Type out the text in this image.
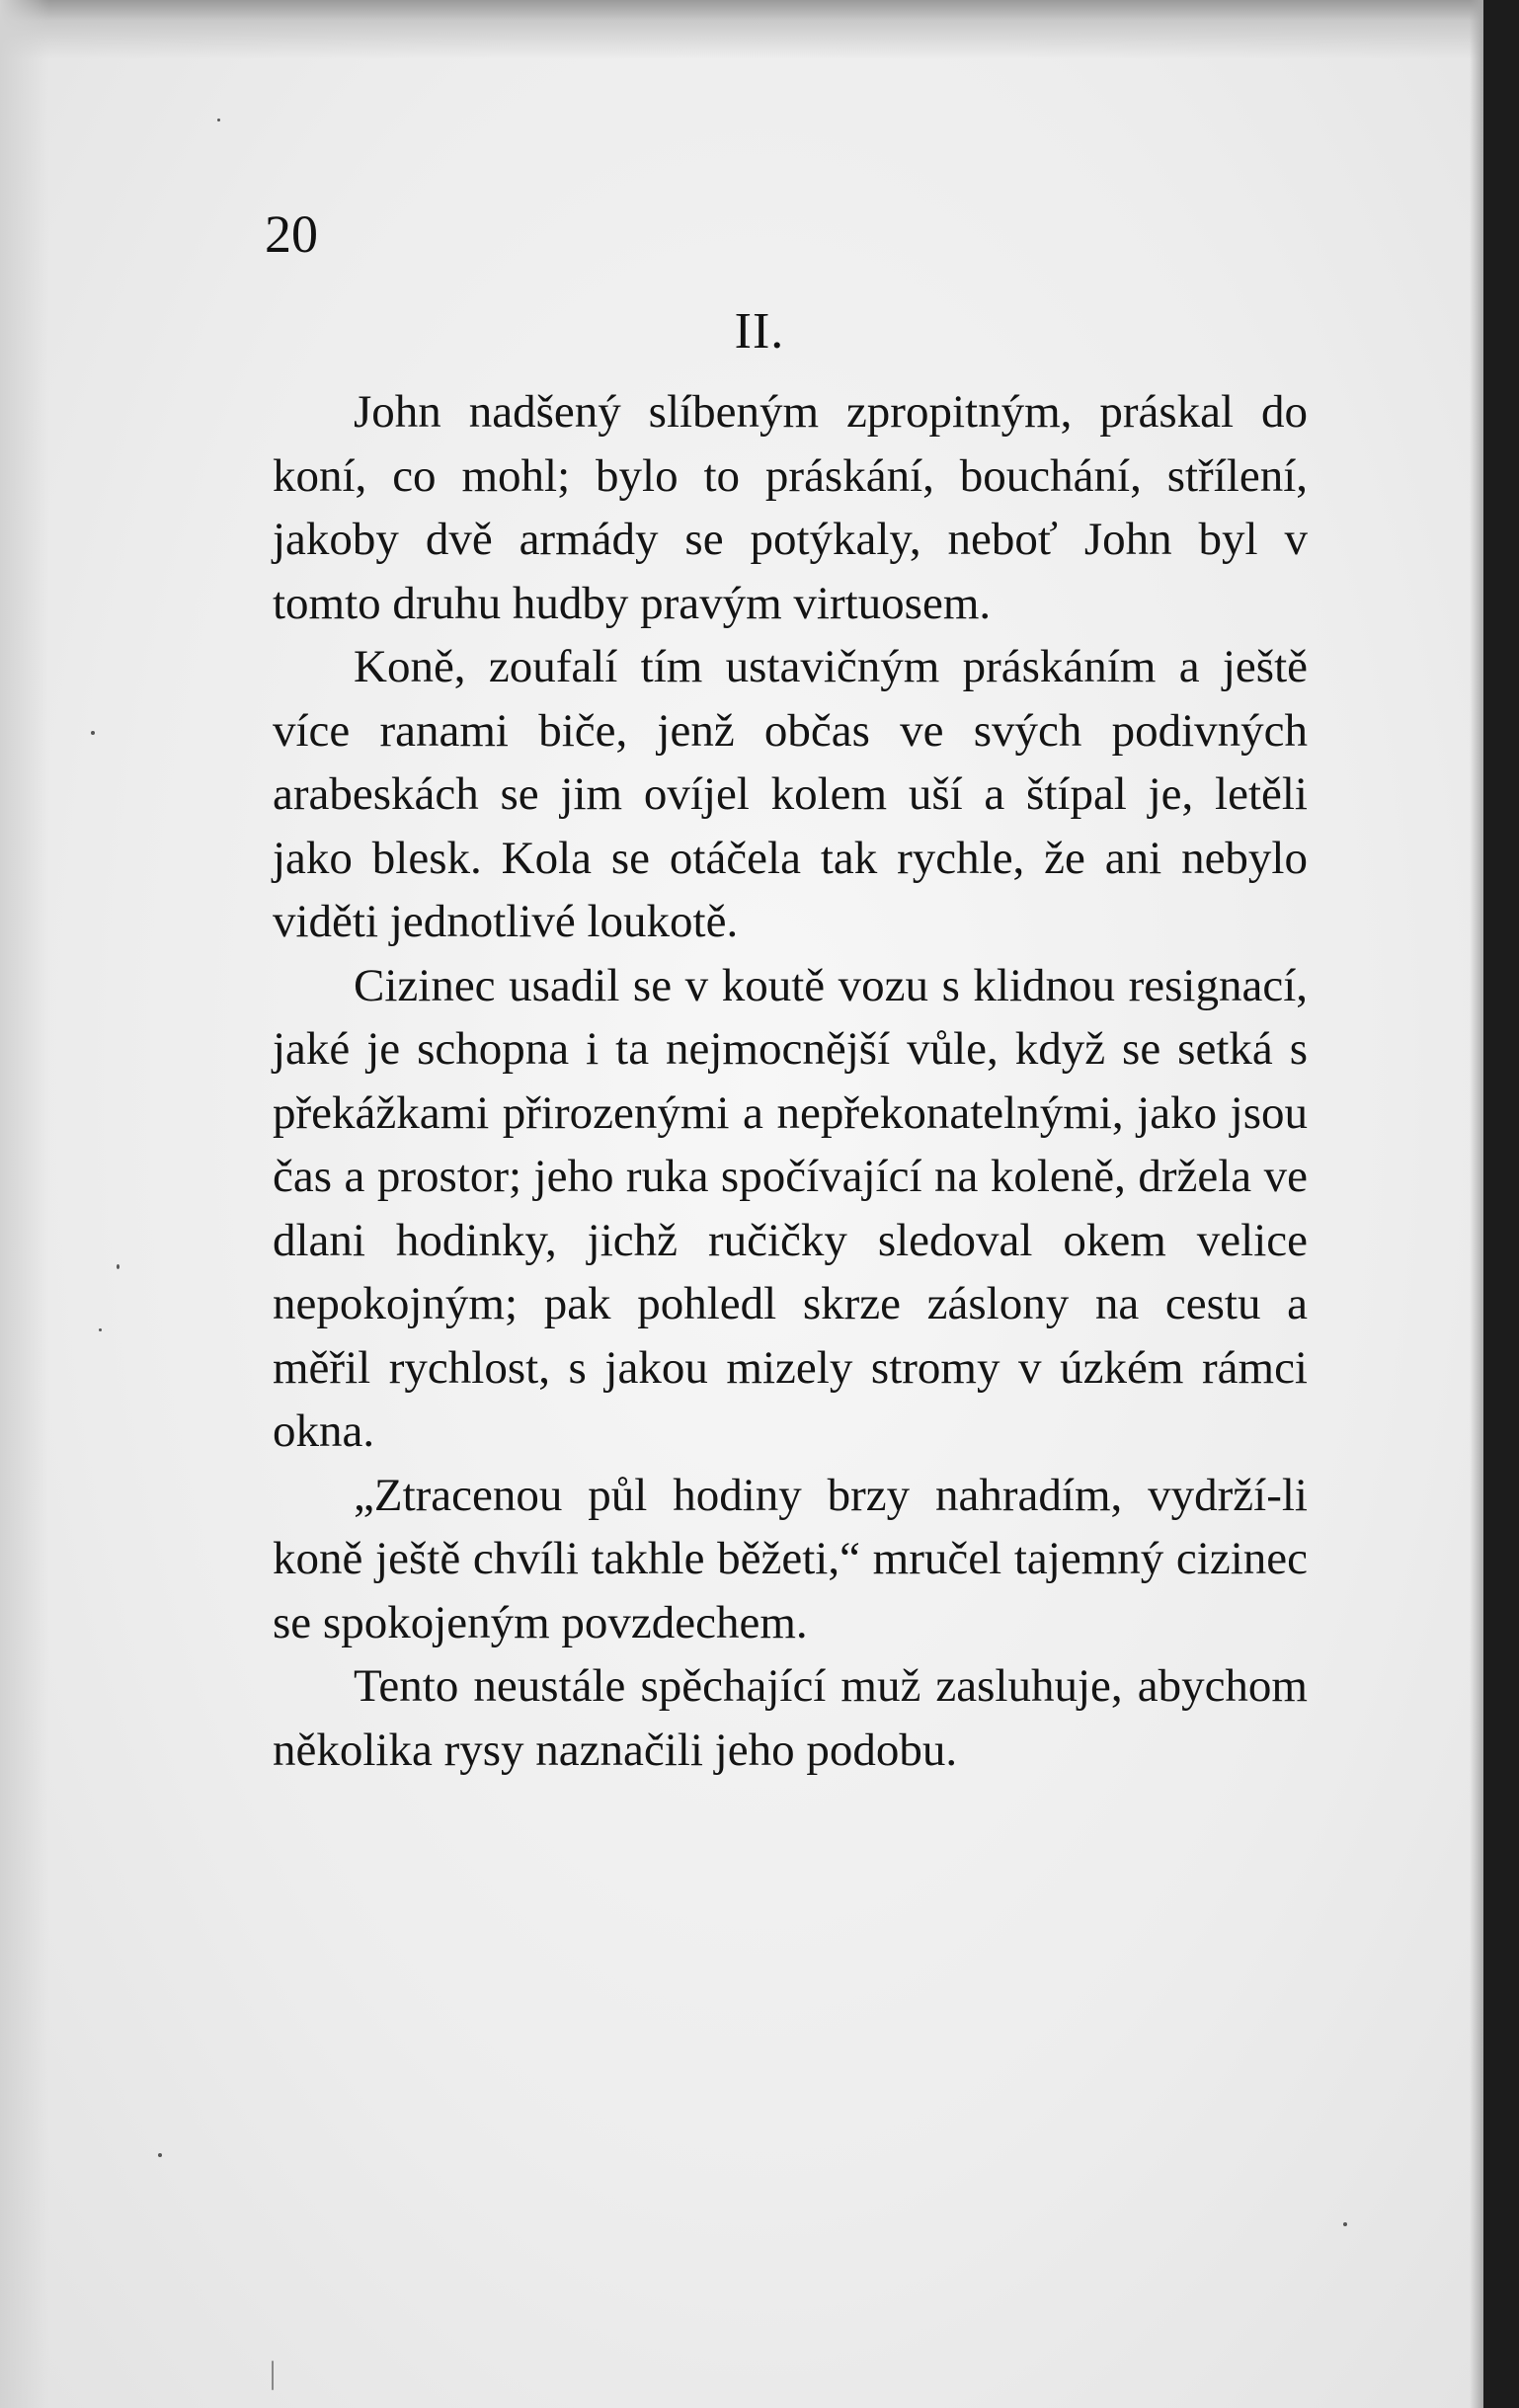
20
II.

John nadšený slíbeným zpropitným, práskal do koní, co mohl; bylo to práskání, bouchání, střílení, jakoby dvě armády se potýkaly, neboť John byl v tomto druhu hudby pravým virtuosem.

Koně, zoufalí tím ustavičným práskáním a ještě více ranami biče, jenž občas ve svých podivných arabeskách se jim ovíjel kolem uší a štípal je, letěli jako blesk. Kola se otáčela tak rychle, že ani nebylo viděti jednotlivé loukotě.

Cizinec usadil se v koutě vozu s klidnou resignací, jaké je schopna i ta nejmocnější vůle, když se setká s překážkami přirozenými a nepřekonatelnými, jako jsou čas a prostor; jeho ruka spočívající na koleně, držela ve dlani hodinky, jichž ručičky sledoval okem velice nepokojným; pak pohledl skrze záslony na cestu a měřil rychlost, s jakou mizely stromy v úzkém rámci okna.

„Ztracenou půl hodiny brzy nahradím, vydrží-li koně ještě chvíli takhle běžeti,“ mručel tajemný cizinec se spokojeným povzdechem.

Tento neustále spěchající muž zasluhuje, abychom několika rysy naznačili jeho podobu.
